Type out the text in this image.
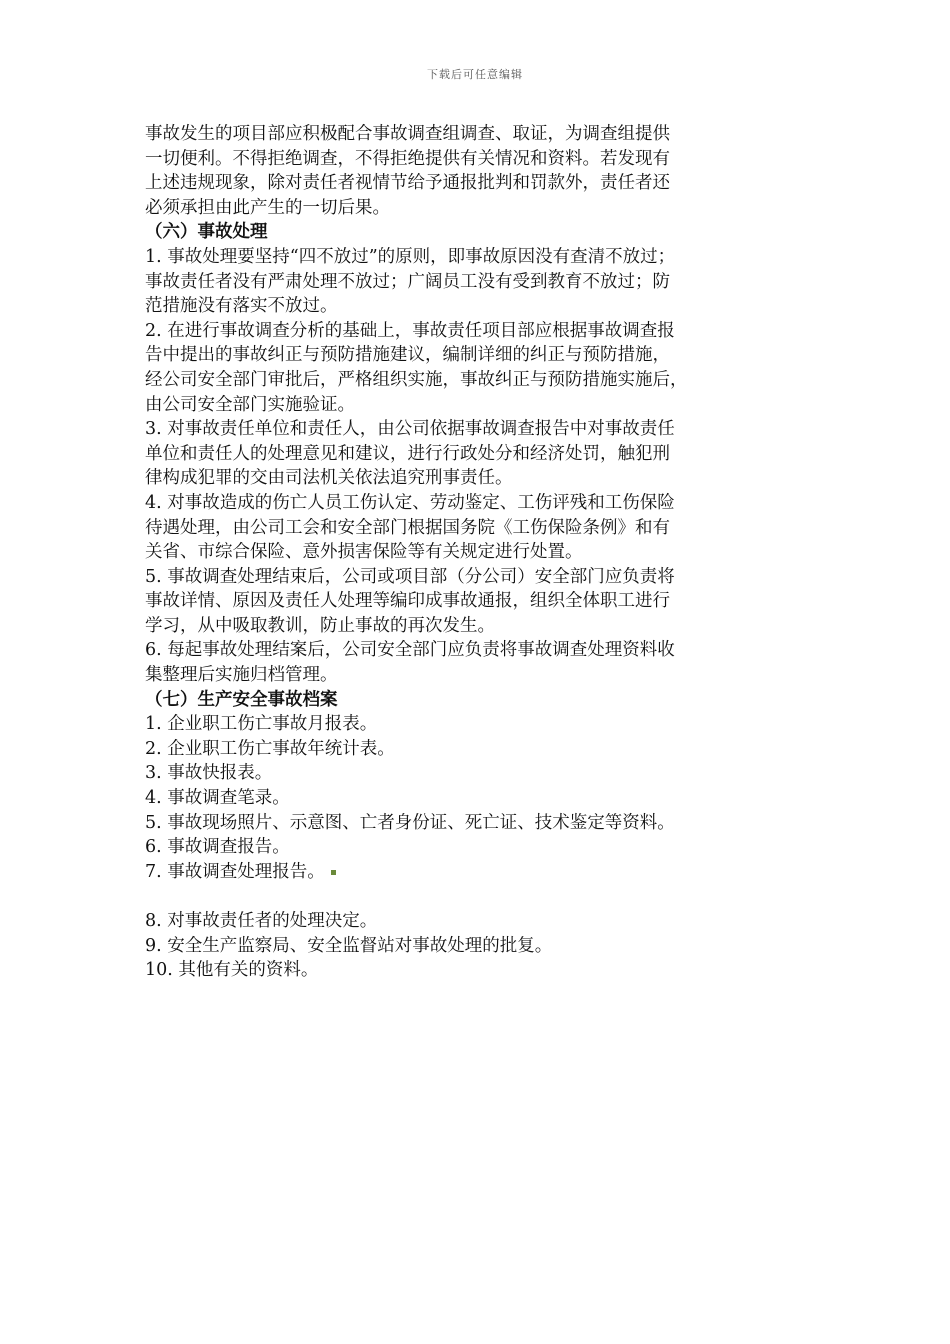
下载后可任意编辑
事故发生的项目部应积极配合事故调查组调查、取证，为调查组提供
一切便利。不得拒绝调查，不得拒绝提供有关情况和资料。若发现有
上述违规现象，除对责任者视情节给予通报批判和罚款外，责任者还
必须承担由此产生的一切后果。
（六）事故处理
1. 事故处理要坚持“四不放过”的原则，即事故原因没有查清不放过；
事故责任者没有严肃处理不放过；广阔员工没有受到教育不放过；防
范措施没有落实不放过。
2. 在进行事故调查分析的基础上，事故责任项目部应根据事故调查报
告中提出的事故纠正与预防措施建议，编制详细的纠正与预防措施，
经公司安全部门审批后，严格组织实施，事故纠正与预防措施实施后，
由公司安全部门实施验证。
3. 对事故责任单位和责任人，由公司依据事故调查报告中对事故责任
单位和责任人的处理意见和建议，进行行政处分和经济处罚，触犯刑
律构成犯罪的交由司法机关依法追究刑事责任。
4. 对事故造成的伤亡人员工伤认定、劳动鉴定、工伤评残和工伤保险
待遇处理，由公司工会和安全部门根据国务院《工伤保险条例》和有
关省、市综合保险、意外损害保险等有关规定进行处置。
5. 事故调查处理结束后，公司或项目部（分公司）安全部门应负责将
事故详情、原因及责任人处理等编印成事故通报，组织全体职工进行
学习，从中吸取教训，防止事故的再次发生。
6. 每起事故处理结案后，公司安全部门应负责将事故调查处理资料收
集整理后实施归档管理。
（七）生产安全事故档案
1. 企业职工伤亡事故月报表。
2. 企业职工伤亡事故年统计表。
3. 事故快报表。
4. 事故调查笔录。
5. 事故现场照片、示意图、亡者身份证、死亡证、技术鉴定等资料。
6. 事故调查报告。
7. 事故调查处理报告。
8. 对事故责任者的处理决定。
9. 安全生产监察局、安全监督站对事故处理的批复。
10. 其他有关的资料。
